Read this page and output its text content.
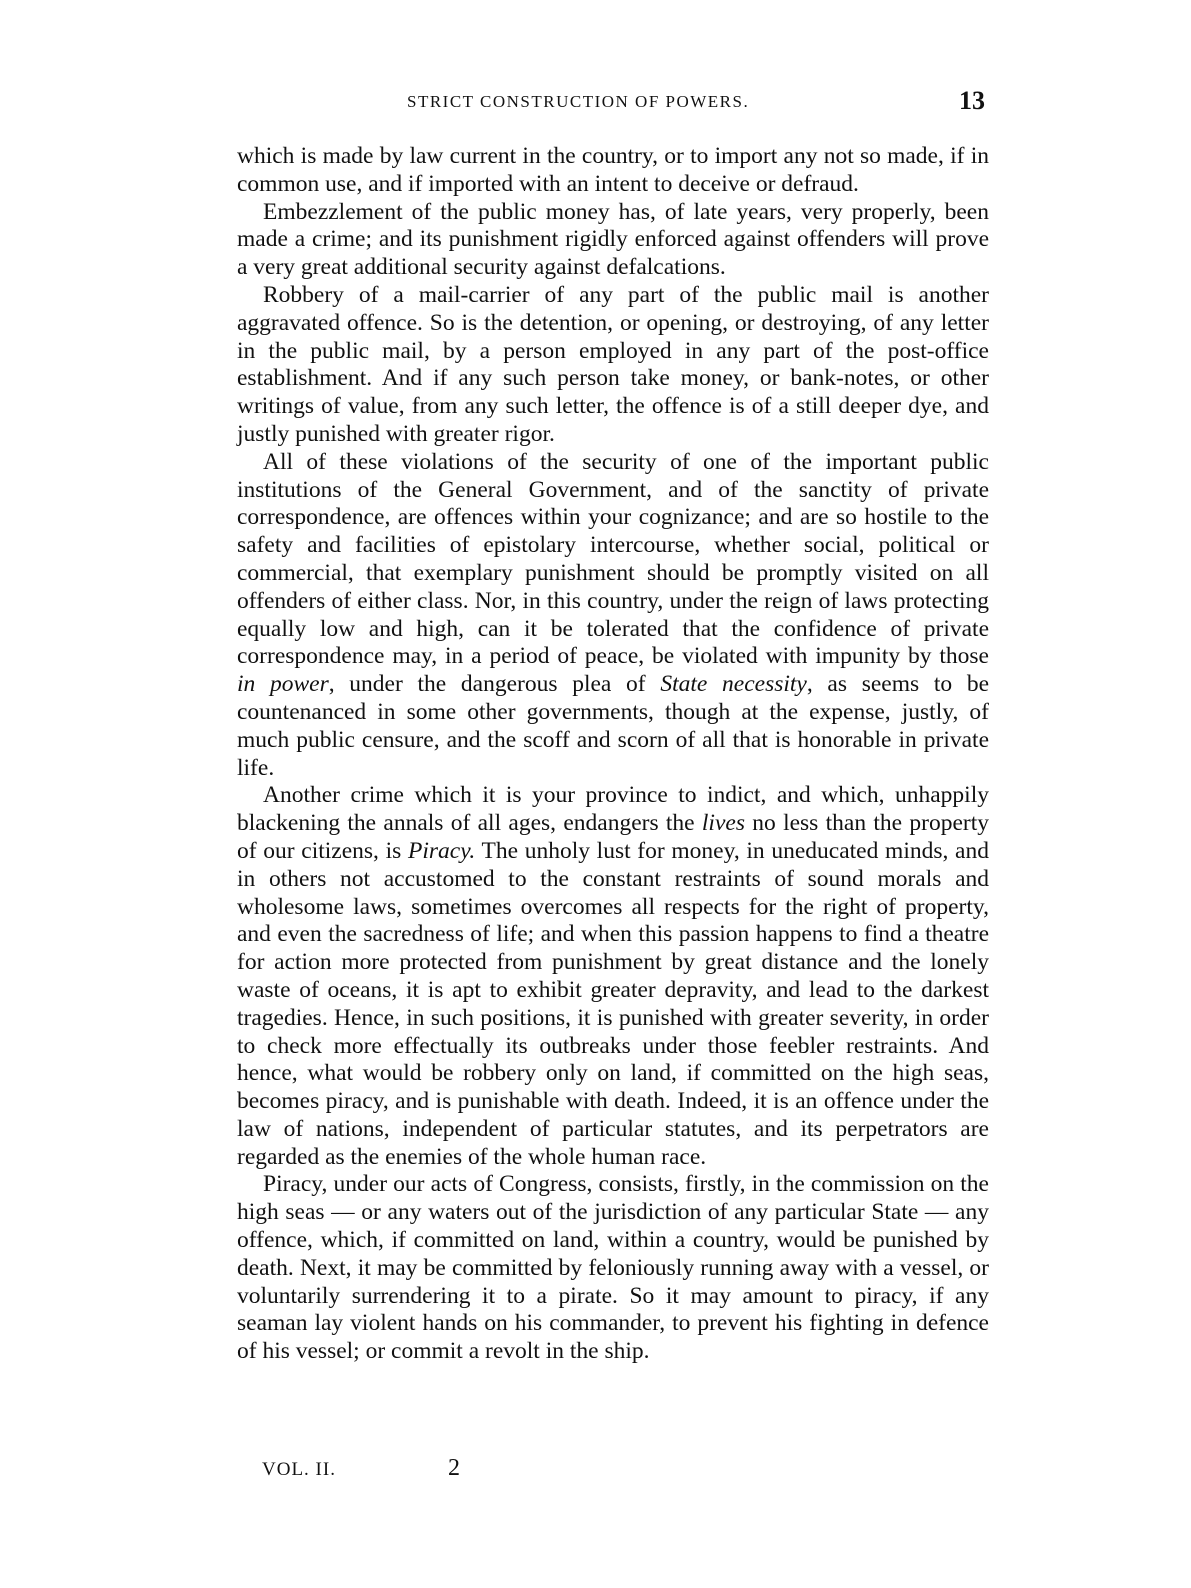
STRICT CONSTRUCTION OF POWERS.	13

which is made by law current in the country, or to import any not so made, if in common use, and if imported with an intent to deceive or defraud.

Embezzlement of the public money has, of late years, very properly, been made a crime; and its punishment rigidly enforced against offenders will prove a very great additional security against defalcations.

Robbery of a mail-carrier of any part of the public mail is another aggravated offence. So is the detention, or opening, or destroying, of any letter in the public mail, by a person employed in any part of the post-office establishment. And if any such person take money, or bank-notes, or other writings of value, from any such letter, the offence is of a still deeper dye, and justly punished with greater rigor.

All of these violations of the security of one of the important public institutions of the General Government, and of the sanctity of private correspondence, are offences within your cognizance; and are so hostile to the safety and facilities of epistolary intercourse, whether social, political or commercial, that exemplary punishment should be promptly visited on all offenders of either class. Nor, in this country, under the reign of laws protecting equally low and high, can it be tolerated that the confidence of private correspondence may, in a period of peace, be violated with impunity by those in power, under the dangerous plea of State necessity, as seems to be countenanced in some other governments, though at the expense, justly, of much public censure, and the scoff and scorn of all that is honorable in private life.

Another crime which it is your province to indict, and which, unhappily blackening the annals of all ages, endangers the lives no less than the property of our citizens, is Piracy. The unholy lust for money, in uneducated minds, and in others not accustomed to the constant restraints of sound morals and wholesome laws, sometimes overcomes all respects for the right of property, and even the sacredness of life; and when this passion happens to find a theatre for action more protected from punishment by great distance and the lonely waste of oceans, it is apt to exhibit greater depravity, and lead to the darkest tragedies. Hence, in such positions, it is punished with greater severity, in order to check more effectually its outbreaks under those feebler restraints. And hence, what would be robbery only on land, if committed on the high seas, becomes piracy, and is punishable with death. Indeed, it is an offence under the law of nations, independent of particular statutes, and its perpetrators are regarded as the enemies of the whole human race.

Piracy, under our acts of Congress, consists, firstly, in the commission on the high seas — or any waters out of the jurisdiction of any particular State — any offence, which, if committed on land, within a country, would be punished by death. Next, it may be committed by feloniously running away with a vessel, or voluntarily surrendering it to a pirate. So it may amount to piracy, if any seaman lay violent hands on his commander, to prevent his fighting in defence of his vessel; or commit a revolt in the ship.

VOL. II.	2
